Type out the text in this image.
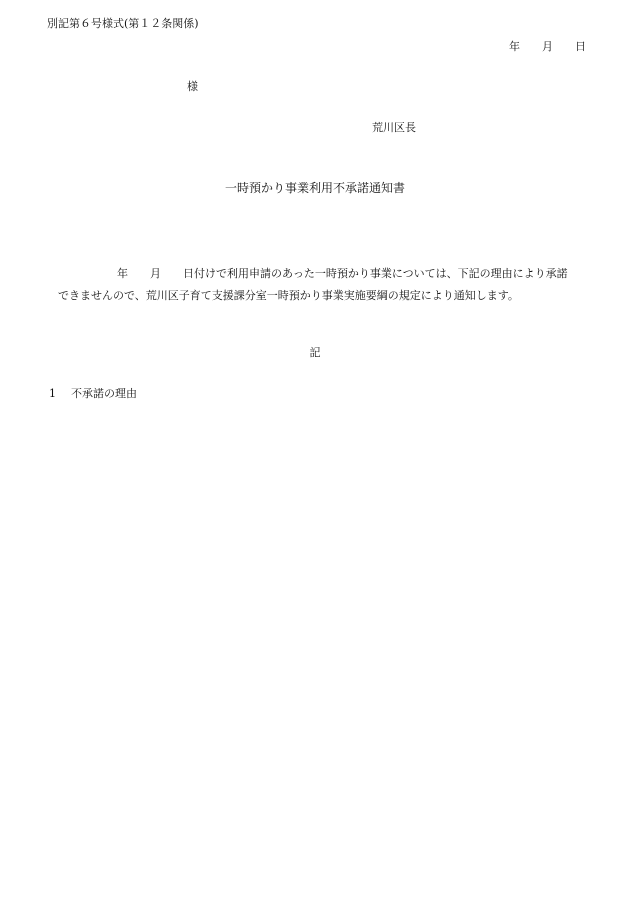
別記第６号様式(第１２条関係)
年 月 日
様
荒川区長
一時預かり事業利用不承諾通知書
年 月 日付けで利用申請のあった一時預かり事業については、下記の理由により承諾
できませんので、荒川区子育て支援課分室一時預かり事業実施要綱の規定により通知します。
記
1 不承諾の理由
